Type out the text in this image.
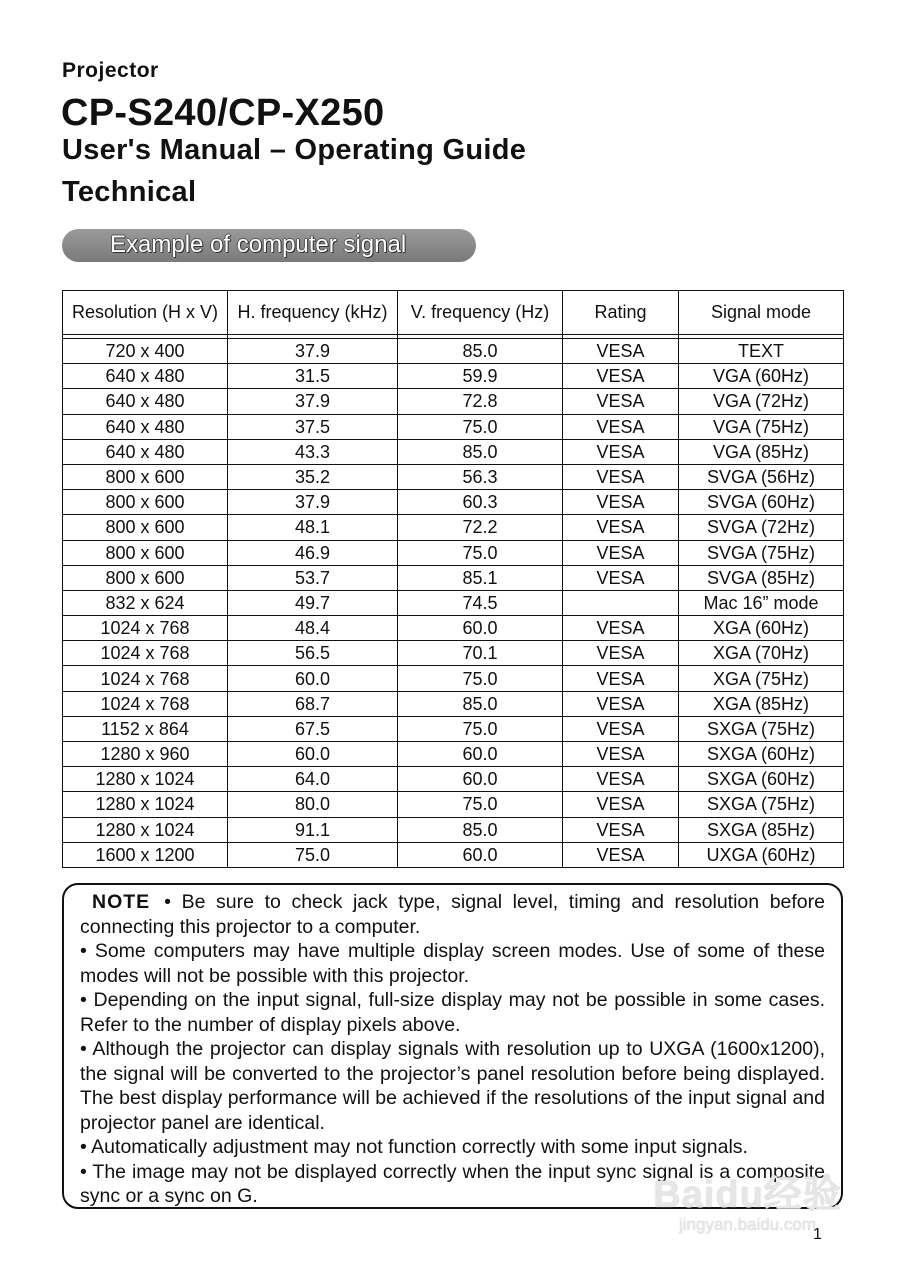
Projector
CP-S240/CP-X250
User's Manual – Operating Guide
Technical
Example of computer signal
Resolution (H x V)	H. frequency (kHz)	V. frequency (Hz)	Rating	Signal mode

720 x 400	37.9	85.0	VESA	TEXT
640 x 480	31.5	59.9	VESA	VGA (60Hz)
640 x 480	37.9	72.8	VESA	VGA (72Hz)
640 x 480	37.5	75.0	VESA	VGA (75Hz)
640 x 480	43.3	85.0	VESA	VGA (85Hz)
800 x 600	35.2	56.3	VESA	SVGA (56Hz)
800 x 600	37.9	60.3	VESA	SVGA (60Hz)
800 x 600	48.1	72.2	VESA	SVGA (72Hz)
800 x 600	46.9	75.0	VESA	SVGA (75Hz)
800 x 600	53.7	85.1	VESA	SVGA (85Hz)
832 x 624	49.7	74.5		Mac 16” mode
1024 x 768	48.4	60.0	VESA	XGA (60Hz)
1024 x 768	56.5	70.1	VESA	XGA (70Hz)
1024 x 768	60.0	75.0	VESA	XGA (75Hz)
1024 x 768	68.7	85.0	VESA	XGA (85Hz)
1152 x 864	67.5	75.0	VESA	SXGA (75Hz)
1280 x 960	60.0	60.0	VESA	SXGA (60Hz)
1280 x 1024	64.0	60.0	VESA	SXGA (60Hz)
1280 x 1024	80.0	75.0	VESA	SXGA (75Hz)
1280 x 1024	91.1	85.0	VESA	SXGA (85Hz)
1600 x 1200	75.0	60.0	VESA	UXGA (60Hz)

NOTE • Be sure to check jack type, signal level, timing and resolution before connecting this projector to a computer.

• Some computers may have multiple display screen modes. Use of some of these modes will not be possible with this projector.

• Depending on the input signal, full-size display may not be possible in some cases. Refer to the number of display pixels above.

• Although the projector can display signals with resolution up to UXGA (1600x1200), the signal will be converted to the projector’s panel resolution before being displayed. The best display performance will be achieved if the resolutions of the input signal and projector panel are identical.

• Automatically adjustment may not function correctly with some input signals.

• The image may not be displayed correctly when the input sync signal is a composite sync or a sync on G.	Baidu经验
jingyan.baidu.com
1
